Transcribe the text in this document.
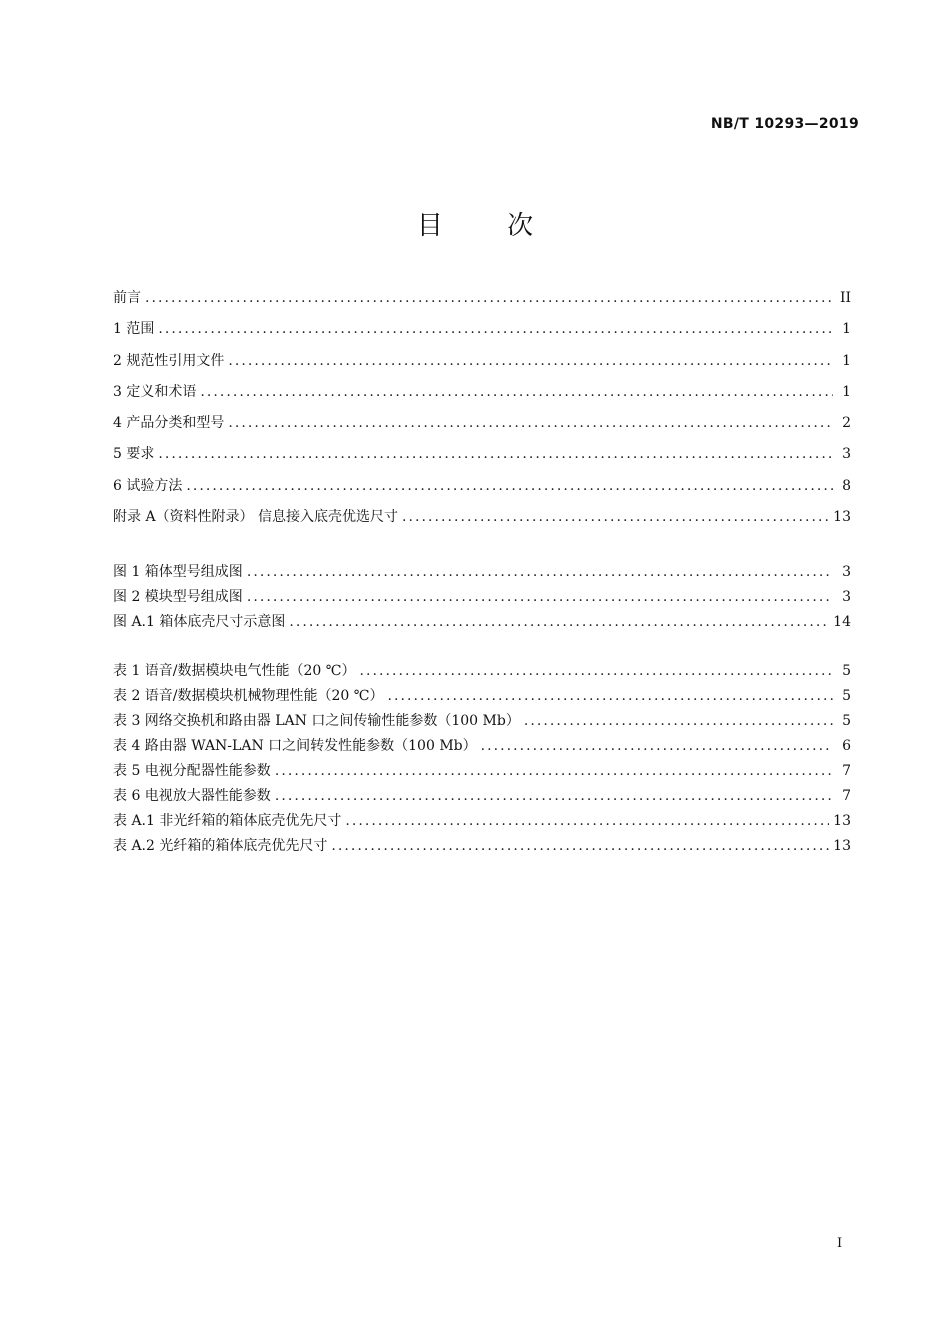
NB/T 10293—2019
目 次
前言 . . .	II
1 范围 . . .	1
2 规范性引用文件 . . .	1
3 定义和术语 . . .	1
4 产品分类和型号 . . .	2
5 要求 . . .	3
6 试验方法 . . .	8
附录 A（资料性附录） 信息接入底壳优选尺寸 . . .	13
图 1 箱体型号组成图 . . .	3
图 2 模块型号组成图 . . .	3
图 A.1 箱体底壳尺寸示意图 . . .	14
表 1 语音/数据模块电气性能（20 ℃） . . .	5
表 2 语音/数据模块机械物理性能（20 ℃） . . .	5
表 3 网络交换机和路由器 LAN 口之间传输性能参数（100 Mb） . . .	5
表 4 路由器 WAN-LAN 口之间转发性能参数（100 Mb） . . .	6
表 5 电视分配器性能参数 . . .	7
表 6 电视放大器性能参数 . . .	7
表 A.1 非光纤箱的箱体底壳优先尺寸 . . .	13
表 A.2 光纤箱的箱体底壳优先尺寸 . . .	13
I
